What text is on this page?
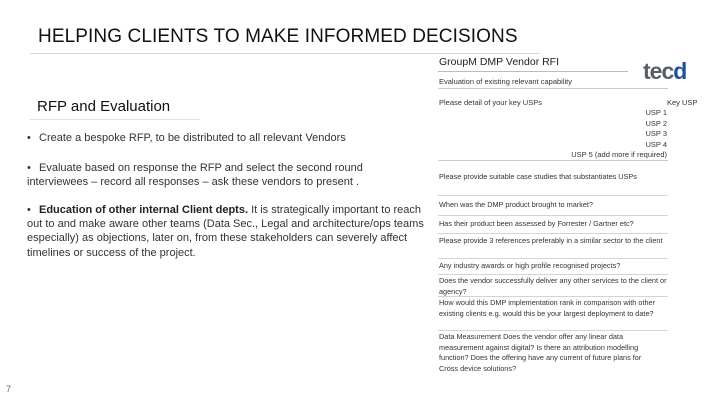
HELPING CLIENTS TO MAKE INFORMED DECISIONS
RFP and Evaluation
• Create a bespoke RFP, to be distributed to all relevant Vendors
• Evaluate based on response the RFP and select the second round interviewees – record all responses – ask these vendors to present .
• Education of other internal Client depts. It is strategically important to reach out to and make aware other teams (Data Sec., Legal and architecture/ops teams especially) as objections, later on, from these stakeholders can severely affect timelines or success of the project.
GroupM DMP Vendor RFI	tecd
Evaluation of existing relevant capability
Please detail of your key USPs	Key USP
USP 1
USP 2
USP 3
USP 4
USP 5 (add more if required)
Please provide suitable case studies that substantiates USPs
When was the DMP product brought to market?
Has their product been assessed by Forrester / Gartner etc?
Please provide 3 references preferably in a similar sector to the client
Any industry awards or high profile recognised projects?
Does the vendor successfully deliver any other services to the client or agency?
How would this DMP implementation rank in comparison with other existing clients e.g. would this be your largest deployment to date?
Data Measurement Does the vendor offer any linear data measurement against digital? Is there an attribution modelling function? Does the offering have any current of future plans for Cross device solutions?
7
